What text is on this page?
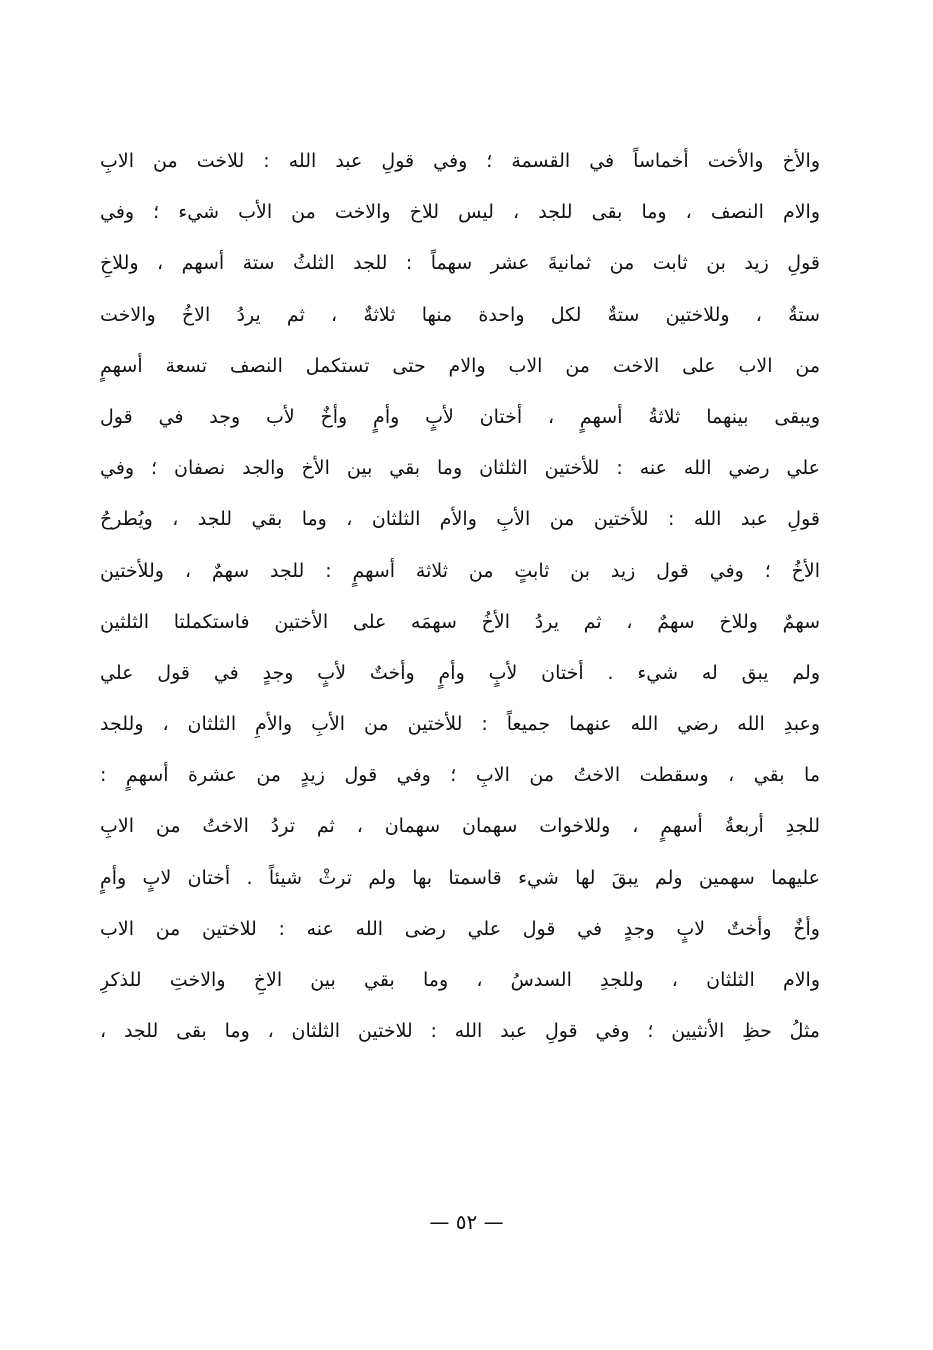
والأخ والأخت أخماساً في القسمة ؛ وفي قولِ عبد الله : للاخت من الابِ
والام النصف ، وما بقى للجد ، ليس للاخ والاخت من الأب شيء ؛ وفي
قولِ زيد بن ثابت من ثمانيةَ عشر سهماً : للجد الثلثُ ستة أسهم ، وللاخِ
ستةٌ ، وللاختين ستةٌ لكل واحدة منها ثلاثةٌ ، ثم يردُ الاخُ والاخت
من الاب على الاخت من الاب والام حتى تستكمل النصف تسعة أسهمٍ
ويبقى بينهما ثلاثةُ أسهمٍ ، أختان لأبٍ وأمٍ وأخٌ لأب وجد في قول
علي رضي الله عنه : للأختين الثلثان وما بقي بين الأخ والجد نصفان ؛ وفي
قولِ عبد الله : للأختين من الأبِ والأم الثلثان ، وما بقي للجد ، ويُطرحُ
الأخُ ؛ وفي قول زيد بن ثابتٍ من ثلاثة أسهمٍ : للجد سهمٌ ، وللأختين
سهمٌ وللاخ سهمٌ ، ثم يردُ الأخُ سهمَه على الأختين فاستكملتا الثلثين
ولم يبق له شيء . أختان لأبٍ وأمٍ وأختٌ لأبٍ وجدٍ في قول علي
وعبدِ الله رضي الله عنهما جميعاً : للأختين من الأبِ والأمِ الثلثان ، وللجد
ما بقي ، وسقطت الاختُ من الابِ ؛ وفي قول زيدٍ من عشرة أسهمٍ :
للجدِ أربعةُ أسهمٍ ، وللاخوات سهمان سهمان ، ثم تردُ الاختُ من الابِ
عليهما سهمين ولم يبقَ لها شيء قاسمتا بها ولم ترثْ شيئاً . أختان لابٍ وأمٍ
وأخٌ وأختٌ لابٍ وجدٍ في قول علي رضى الله عنه : للاختين من الاب
والام الثلثان ، وللجدِ السدسُ ، وما بقي بين الاخِ والاختِ للذكرِ
مثلُ حظِ الأنثيين ؛ وفي قولِ عبد الله : للاختين الثلثان ، وما بقى للجد ،
— ٥٢ —
